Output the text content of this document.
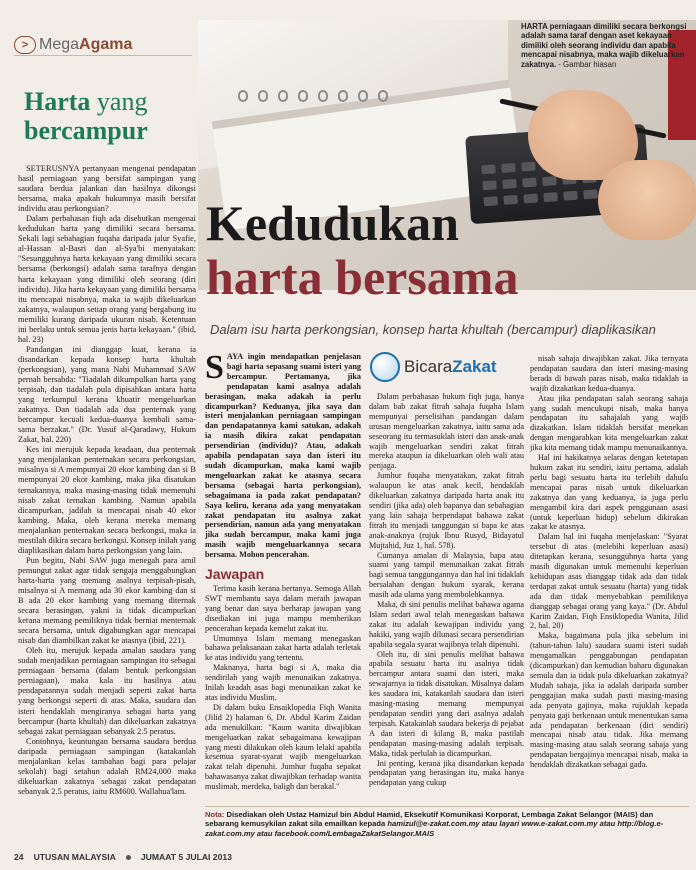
> Mega Agama
Harta yang
bercampur

SETERUSNYA pertanyaan mengenai pendapatan hasil perniagaan yang bersifat sampingan yang saudara berdua jalankan dan hasilnya dikongsi bersama, maka apakah hukumnya masih bersifat individu atau perkongsian?

Dalam perbahasan fiqh ada disebutkan mengenai kedudukan harta yang dimiliki secara bersama. Sekali lagi sebahagian fuqaha daripada jalur Syafie, al-Hassan al-Basri dan al-Sya'bi menyatakan: "Sesungguhnya harta kekayaan yang dimiliki secara bersama (berkongsi) adalah sama tarafnya dengan harta kekayaan yang dimiliki oleh seorang (diri individu). Jika harta kekayaan yang dimiliki bersama itu mencapai nisabnya, maka ia wajib dikeluarkan zakatnya, walaupun setiap orang yang bergabung itu memiliki kurang daripada ukuran nisab. Ketentuan ini berlaku untuk semua jenis harta kekayaan." (ibid, hal. 23)

Pandangan ini dianggap kuat, kerana ia disandarkan kepada konsep harta khultah (perkongsian), yang mana Nabi Muhammad SAW pernah bersabda: "Tiadalah dikumpulkan harta yang terpisah, dan tiadalah pula dipisahkan antara harta yang terkumpul kerana khuatir mengeluarkan zakatnya. Dan tiadalah ada dua penternak yang bercampur kecuali kedua-duanya kembali sama-sama berzakat." (Dr. Yusuf al-Qaradawy, Hukum Zakat, hal. 220)

Kes ini merujuk kepada keadaan, dua penternak yang menjalankan penternakan secara perkongsian, misalnya si A mempunyai 20 ekor kambing dan si B mempunyai 20 ekor kambing, maka jika disatukan ternakannya, maka masing-masing tidak memenuhi nisab zakat ternakan kambing. Namun apabila dicampurkan, jadilah ia mencapai nisab 40 ekor kambing. Maka, oleh kerana mereka memang menjalankan penternakan secara berkongsi, maka ia mestilah dikira secara berkongsi. Konsep inilah yang diaplikasikan dalam harta perkongsian yang lain.

Pun begitu, Nabi SAW juga menegah para amil pemungut zakat agar tidak sengaja menggabungkan harta-harta yang memang asalnya terpisah-pisah, misalnya si A memang ada 30 ekor kambing dan si B ada 20 ekor kambing yang memang diternak secara berasingan, yakni ia tidak dicampurkan kerana memang pemiliknya tidak berniat menternak secara bersama, untuk digabungkan agar mencapai nisab dan diambilkan zakat ke atasnya (ibid, 221).

Oleh itu, merujuk kepada amalan saudara yang sudah menjadikan perniagaan sampingan itu sebagai perniagaan bersama (dalam bentuk perkongsian perniagaan), maka kala itu hasilnya atau pendapatannya sudah menjadi seperti zakat harta yang berkongsi seperti di atas. Maka, saudara dan isteri hendaklah mengiranya sebagai harta yang bercampur (harta khultah) dan dikeluarkan zakatnya sebagai zakat perniagaan sebanyak 2.5 peratus.

Contohnya, keuntungan bersama saudara berdua daripada perniagaan sampingan (katakanlah menjalankan kelas tambahan bagi para pelajar sekolah) bagi setahun adalah RM24,000 maka dikeluarkan zakatnya sebagai zakat pendapatan sebanyak 2.5 peratus, iaitu RM600. Wallahua'lam.

HARTA perniagaan dimiliki secara berkongsi adalah sama taraf dengan aset kekayaan dimiliki oleh seorang individu dan apabila mencapai nisabnya, maka wajib dikeluarkan zakatnya. - Gambar hiasan
Kedudukan
harta bersama
Dalam isu harta perkongsian, konsep harta khultah (bercampur) diaplikasikan
SAYA ingin mendapatkan penjelasan bagi harta sepasang suami isteri yang bercampur. Pertamanya, jika pendapatan kami asalnya adalah berasingan, maka adakah ia perlu dicampurkan? Keduanya, jika saya dan isteri menjalankan perniagaan sampingan dan pendapatannya kami satukan, adakah ia masih dikira zakat pendapatan persendirian (individu)? Atau, adakah apabila pendapatan saya dan isteri itu sudah dicampurkan, maka kami wajib mengeluarkan zakat ke atasnya secara bersama (sebagai harta perkongsian), sebagaimana ia pada zakat pendapatan? Saya keliru, kerana ada yang menyatakan zakat pendapatan itu asalnya zakat persendirian, namun ada yang menyatakan jika sudah bercampur, maka kami juga masih wajib mengeluarkannya secara bersama. Mohon pencerahan.
Jawapan

Terima kasih kerana bertanya. Semoga Allah SWT membantu saya dalam meraih jawapan yang benar dan saya berharap jawapan yang disediakan ini juga mampu memberikan pencerahan kepada kemelut zakat itu.

Umumnya Islam memang menegaskan bahawa pelaksanaan zakat harta adalah terletak ke atas individu yang tertentu.

Maknanya, harta bagi si A, maka dia sendirilah yang wajib menunaikan zakatnya. Inilah keadah asas bagi menunaikan zakat ke atas individu Muslim.

Di dalam buku Ensaiklopedia Fiqh Wanita (Jilid 2) halaman 6, Dr. Abdul Karim Zaidan ada menukilkan: "Kaum wanita diwajibkan mengeluarkan zakat sebagaimana kewajipan yang mesti dilakukan oleh kaum lelaki apabila kesemua syarat-syarat wajib mengeluarkan zakat telah dipenuhi. Jumhur fuqaha sepakat bahawasanya zakat diwajibkan terhadap wanita muslimah, merdeka, baligh dan berakal."

Bicara Zakat

Dalam perbahasan hukum fiqh juga, hanya dalam bab zakat fitrah sahaja fuqaha Islam mempunyai perselisihan pandangan dalam urusan mengeluarkan zakatnya, iaitu sama ada seseorang itu termasuklah isteri dan anak-anak wajib mengeluarkan sendiri zakat fitrah mereka ataupun ia dikeluarkan oleh wali atau penjaga.

Jumhur fuqaha menyatakan, zakat fitrah walaupun ke atas anak kecil, hendaklah dikeluarkan zakatnya daripada harta anak itu sendiri (jika ada) oleh bapanya dan sebahagian yang lain sahaja berpendapat bahawa zakat fitrah itu menjadi tanggungan si bapa ke atas anak-anaknya (rujuk Ibnu Rusyd, Bidayatul Mujtahid, Juz 1, hal. 578).

Cumanya amalan di Malaysia, bapa atau suami yang tampil menunaikan zakat fitrah bagi semua tanggungannya dan hal ini tidaklah bersalahan dengan hukum syarak, kerana masih ada ulama yang membolehkannya.

Maka, di sini penulis melihat bahawa agama Islam sedari awal telah menegaskan bahawa zakat itu adalah kewajipan individu yang hakiki, yang wajib dilunasi secara persendirian apabila segala syarat wajibnya telah dipenuhi.

Oleh itu, di sini penulis melihat bahawa apabila sesuatu harta itu asalnya tidak bercampur antara suami dan isteri, maka sewajarnya ia tidak disatukan. Misalnya dalam kes saudara ini, katakanlah saudara dan isteri masing-masing memang mempunyai pendapatan sendiri yang dari asalnya adalah terpisah. Katakanlah saudara bekerja di pejabat A dan isteri di kilang B, maka pastilah pendapatan masing-masing adalah terpisah. Maka, tidak perlulah ia dicampurkan.

Ini penting, kerana jika disandarkan kepada pendapatan yang berasingan itu, maka hanya pendapatan yang cukup

nisab sahaja diwajibkan zakat. Jika ternyata pendapatan saudara dan isteri masing-masing berada di bawah paras nisab, maka tidaklah ia wajib dizakatkan kedua-duanya.

Atau jika pendapatan salah seorang sahaja yang sudah mencukupi nisab, maka hanya pendapatan itu sahajalah yang wajib dizakatkan. Islam tidaklah bersifat menekan dengan mengarahkan kita mengeluarkan zakat jika kita memang tidak mampu menunaikannya.

Hal ini hakikatnya selaras dengan ketetapan hukum zakat itu sendiri, iaitu pertama, adalah perlu bagi sesuatu harta itu terlebih dahulu mencapai paras nisab untuk dikeluarkan zakatnya dan yang keduanya, ia juga perlu mengambil kira dari aspek penggunaan asasi (untuk keperluan hidup) sebelum dikirakan zakat ke atasnya.

Dalam hal ini fuqaha menjelaskan: "Syarat tersebut di atas (melebihi keperluan asasi) ditetapkan kerana, sesungguhnya harta yang masih digunakan untuk memenuhi keperluan kehidupan asas dianggap tidak ada dan tidak terdapat zakat untuk sesuatu (harta) yang tidak ada dan tidak menyebabkan pemiliknya dianggap sebagai orang yang kaya." (Dr. Abdul Karim Zaidan, Fiqh Ensiklopedia Wanita, Jilid 2, hal. 20)

Maka, bagaimana pula jika sebelum ini (tahun-tahun lalu) saudara suami isteri sudah mengamalkan penggabungan pendapatan (dicampurkan) dan kemudian baharu digunakan semula dan ia tidak pula dikeluarkan zakatnya? Mudah sahaja, jika ia adalah daripada sumber penggajian maka sudah pasti masing-masing ada penyata gajinya, maka rujuklah kepada penyata gaji berkenaan untuk menentukan sama ada pendapatan berkenaan (diri sendiri) mencapai nisab atau tidak. Jika memang masing-masing atau salah seorang sahaja yang pendapatan bergajinya mencapai nisab, maka ia hendaklah dizakatkan sebagai gada.

Nota: Disediakan oleh Ustaz Hamizul bin Abdul Hamid, Eksekutif Komunikasi Korporat, Lembaga Zakat Selangor (MAIS) dan sebarang kemusykilan zakat sila emailkan kepada hamizul@e-zakat.com.my atau layari www.e-zakat.com.my atau http://blog.e-zakat.com.my atau facebook.com/LembagaZakatSelangor.MAIS
24 UTUSAN MALAYSIA	JUMAAT 5 JULAI 2013
